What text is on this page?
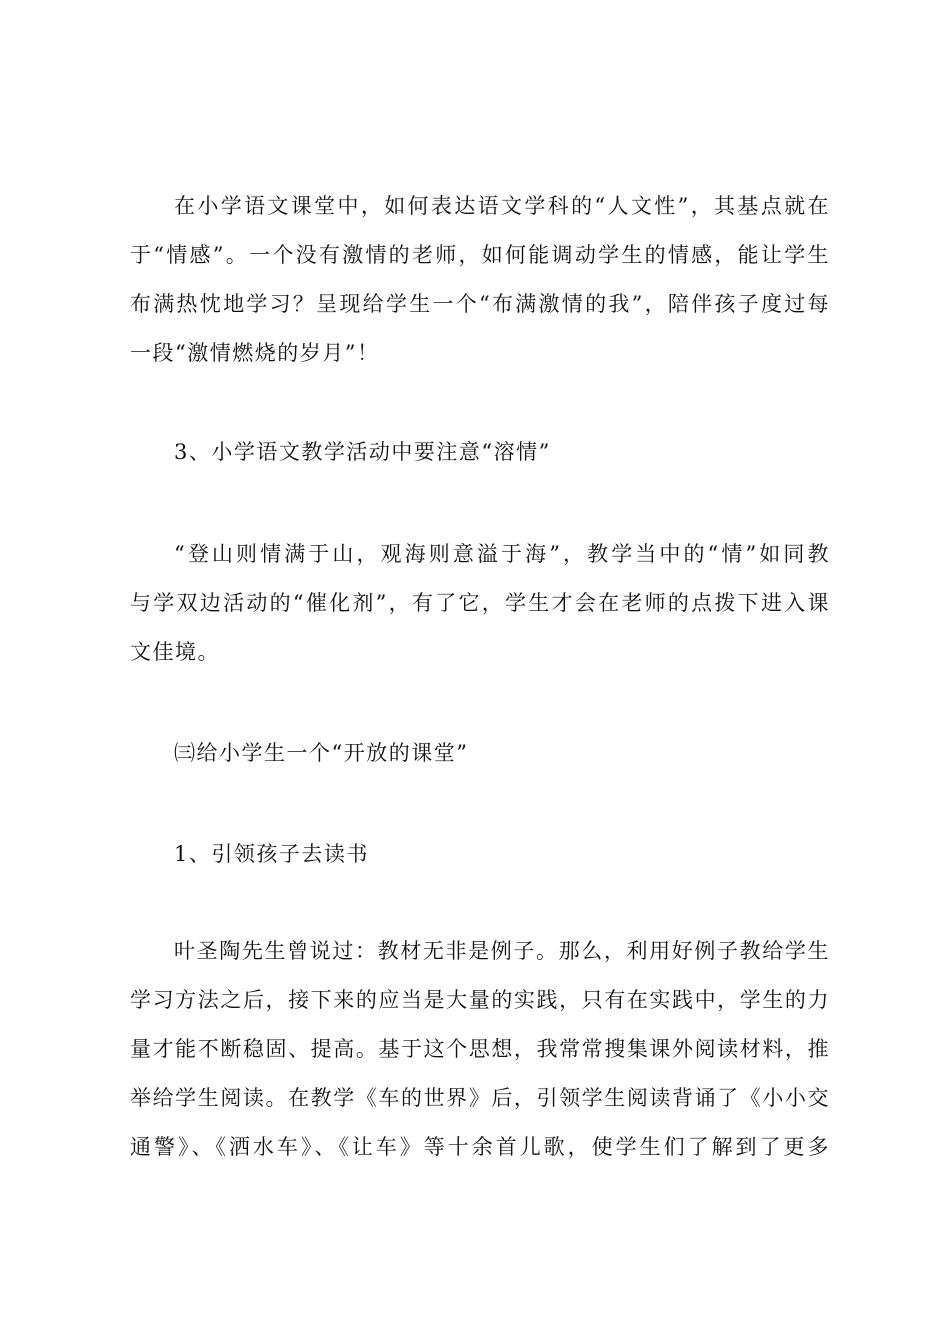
在小学语文课堂中，如何表达语文学科的“人文性”，其基点就在
于“情感”。一个没有激情的老师，如何能调动学生的情感，能让学生
布满热忱地学习？呈现给学生一个“布满激情的我”，陪伴孩子度过每
一段“激情燃烧的岁月”！

3、小学语文教学活动中要注意“溶情”

“登山则情满于山，观海则意溢于海”，教学当中的“情”如同教
与学双边活动的“催化剂”，有了它，学生才会在老师的点拨下进入课
文佳境。

㈢给小学生一个“开放的课堂”

1、引领孩子去读书

叶圣陶先生曾说过：教材无非是例子。那么，利用好例子教给学生
学习方法之后，接下来的应当是大量的实践，只有在实践中，学生的力
量才能不断稳固、提高。基于这个思想，我常常搜集课外阅读材料，推
举给学生阅读。在教学《车的世界》后，引领学生阅读背诵了《小小交
通警》、《洒水车》、《让车》等十余首儿歌，使学生们了解到了更多
